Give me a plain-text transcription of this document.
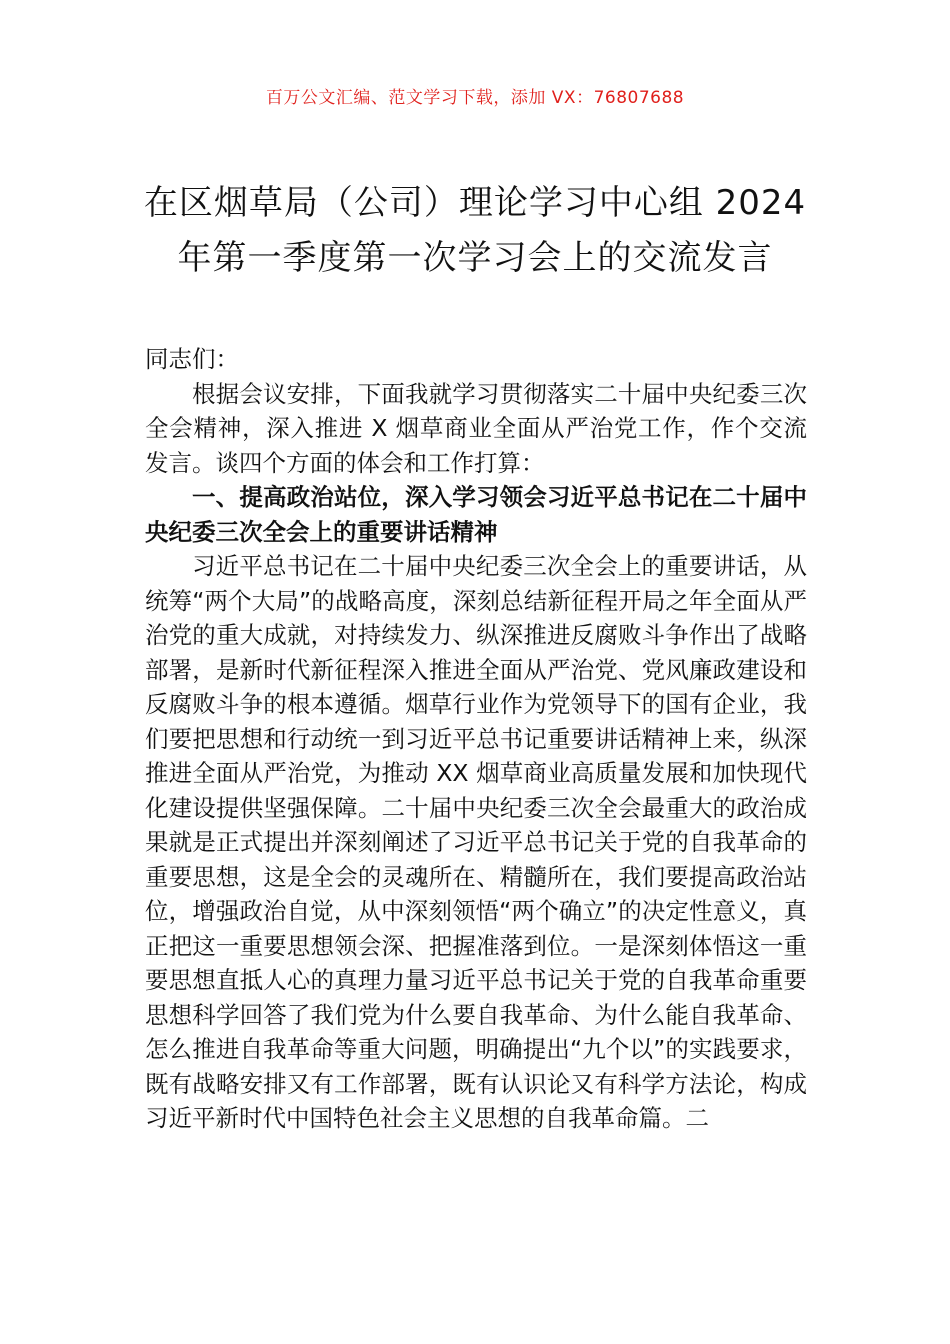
百万公文汇编、范文学习下载，添加 VX：76807688
在区烟草局（公司）理论学习中心组 2024
年第一季度第一次学习会上的交流发言

同志们：

根据会议安排，下面我就学习贯彻落实二十届中央纪委三次全会精神，深入推进 X 烟草商业全面从严治党工作，作个交流发言。谈四个方面的体会和工作打算：

一、提高政治站位，深入学习领会习近平总书记在二十届中央纪委三次全会上的重要讲话精神

习近平总书记在二十届中央纪委三次全会上的重要讲话，从统筹“两个大局”的战略高度，深刻总结新征程开局之年全面从严治党的重大成就，对持续发力、纵深推进反腐败斗争作出了战略部署，是新时代新征程深入推进全面从严治党、党风廉政建设和反腐败斗争的根本遵循。烟草行业作为党领导下的国有企业，我们要把思想和行动统一到习近平总书记重要讲话精神上来，纵深推进全面从严治党，为推动 XX 烟草商业高质量发展和加快现代化建设提供坚强保障。二十届中央纪委三次全会最重大的政治成果就是正式提出并深刻阐述了习近平总书记关于党的自我革命的重要思想，这是全会的灵魂所在、精髓所在，我们要提高政治站位，增强政治自觉，从中深刻领悟“两个确立”的决定性意义，真正把这一重要思想领会深、把握准落到位。一是深刻体悟这一重要思想直抵人心的真理力量习近平总书记关于党的自我革命重要思想科学回答了我们党为什么要自我革命、为什么能自我革命、怎么推进自我革命等重大问题，明确提出“九个以”的实践要求，既有战略安排又有工作部署，既有认识论又有科学方法论，构成习近平新时代中国特色社会主义思想的自我革命篇。二
